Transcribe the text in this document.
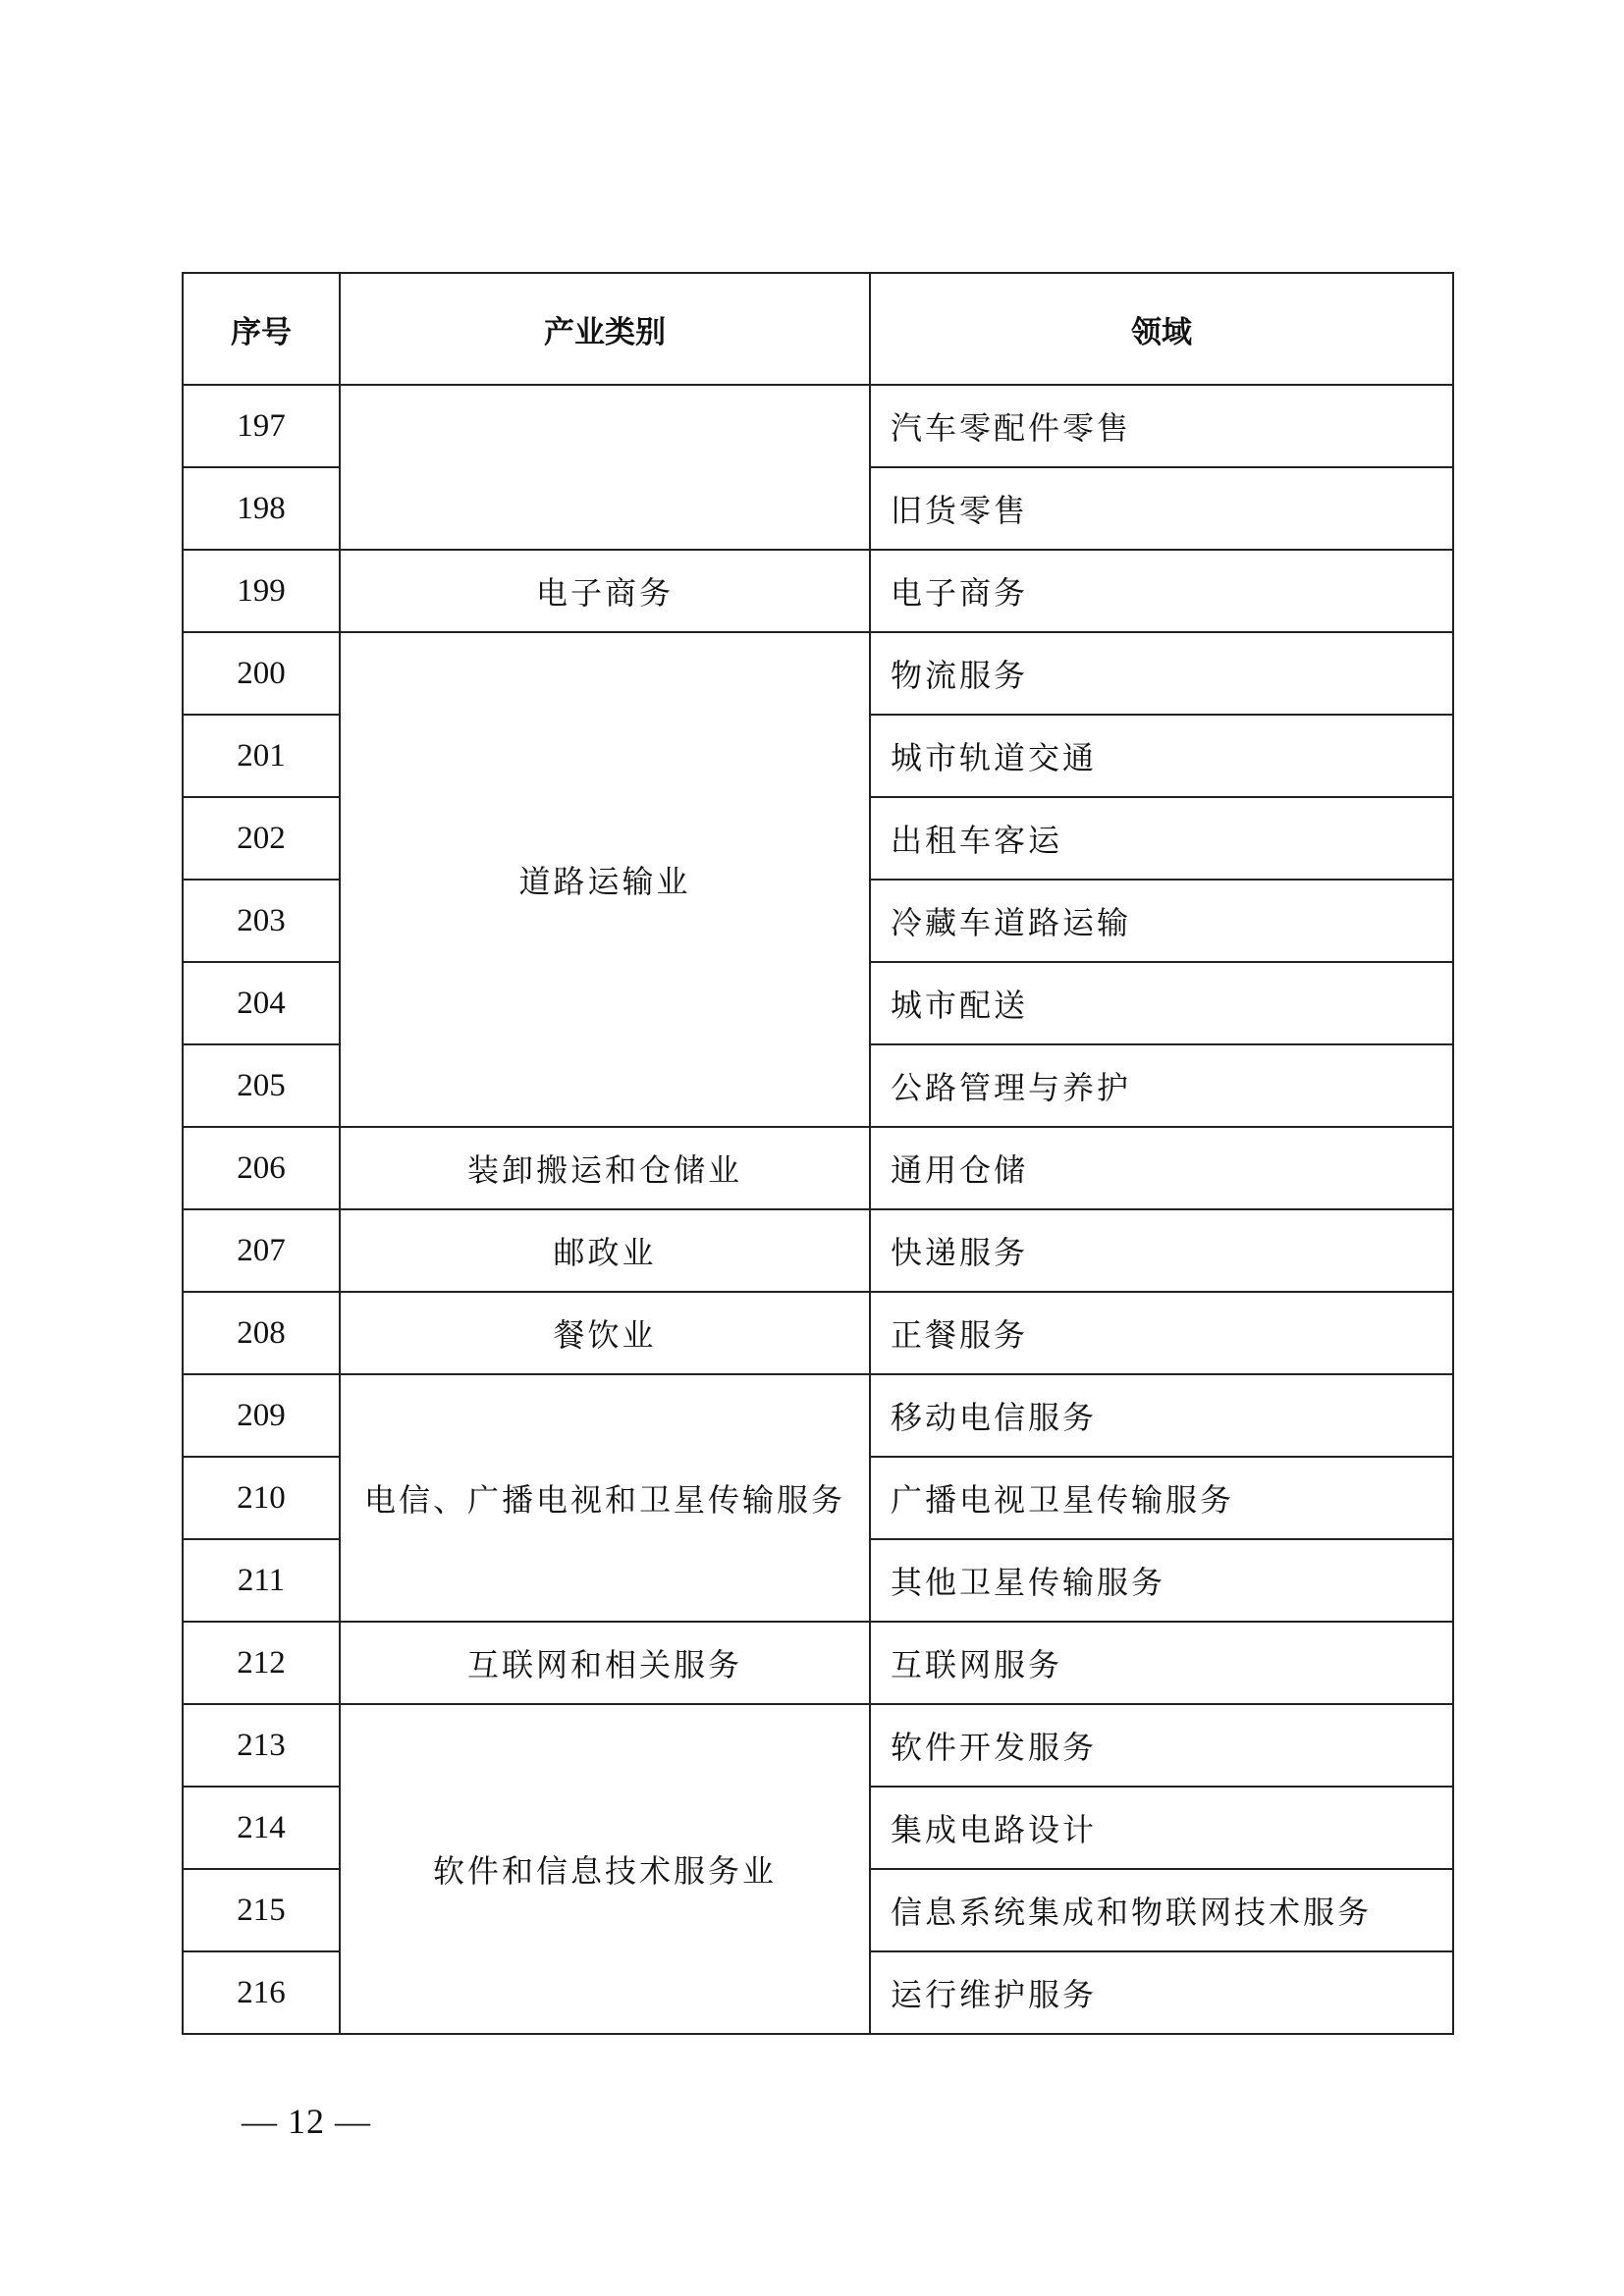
序号	产业类别	领域
197		汽车零配件零售
198		旧货零售
199	电子商务	电子商务
200	道路运输业	物流服务
201		城市轨道交通
202		出租车客运
203		冷藏车道路运输
204		城市配送
205		公路管理与养护
206	装卸搬运和仓储业	通用仓储
207	邮政业	快递服务
208	餐饮业	正餐服务
209	电信、广播电视和卫星传输服务	移动电信服务
210		广播电视卫星传输服务
211		其他卫星传输服务
212	互联网和相关服务	互联网服务
213	软件和信息技术服务业	软件开发服务
214		集成电路设计
215		信息系统集成和物联网技术服务
216		运行维护服务
— 12 —
